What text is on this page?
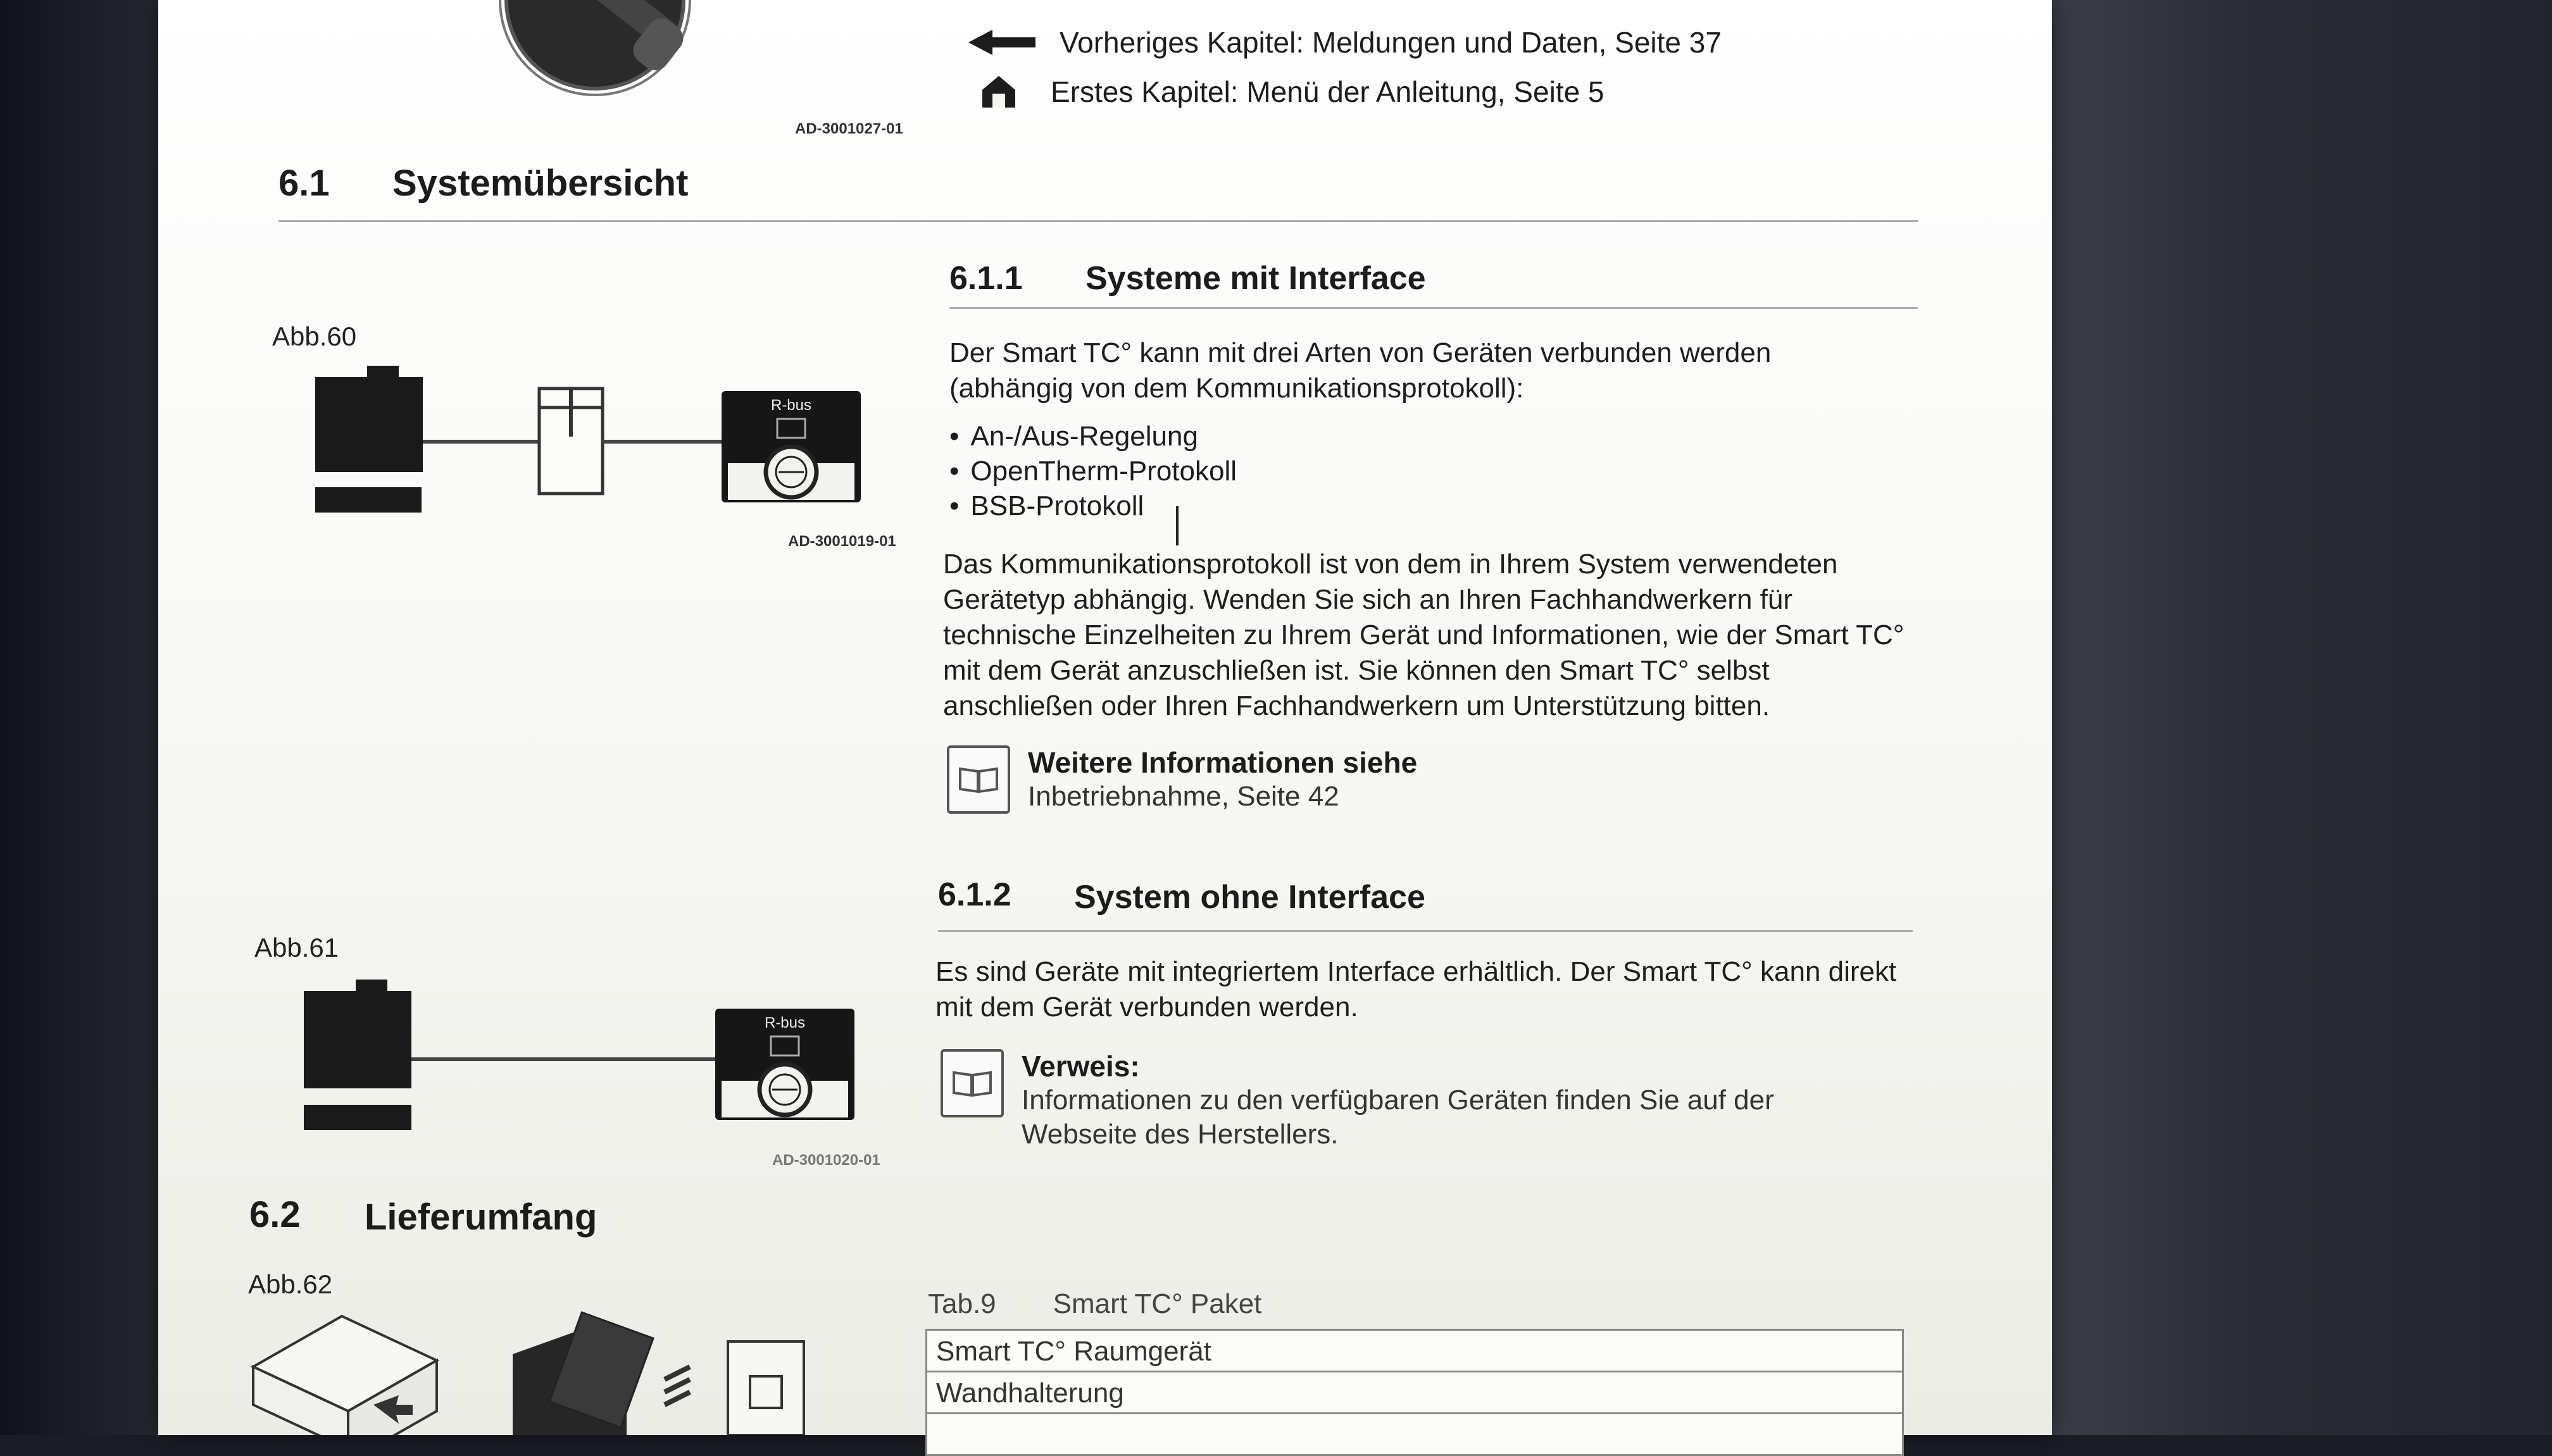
AD-3001027-01
Vorheriges Kapitel: Meldungen und Daten, Seite 37
Erstes Kapitel: Menü der Anleitung, Seite 5
6.1 Systemübersicht
6.1.1 Systeme mit Interface
Der Smart TC° kann mit drei Arten von Geräten verbunden werden (abhängig von dem Kommunikationsprotokoll):
• An-/Aus-Regelung
• OpenTherm-Protokoll
• BSB-Protokoll
Das Kommunikationsprotokoll ist von dem in Ihrem System verwendeten Gerätetyp abhängig. Wenden Sie sich an Ihren Fachhandwerkern für technische Einzelheiten zu Ihrem Gerät und Informationen, wie der Smart TC° mit dem Gerät anzuschließen ist. Sie können den Smart TC° selbst anschließen oder Ihren Fachhandwerkern um Unterstützung bitten.
Weitere Informationen siehe
Inbetriebnahme, Seite 42
Abb.60
R-bus
AD-3001019-01
6.1.2 System ohne Interface
Es sind Geräte mit integriertem Interface erhältlich. Der Smart TC° kann direkt mit dem Gerät verbunden werden.
Verweis:
Informationen zu den verfügbaren Geräten finden Sie auf der Webseite des Herstellers.
Abb.61
R-bus
AD-3001020-01
6.2 Lieferumfang
Abb.62
Tab.9 Smart TC° Paket
Smart TC° Raumgerät
Wandhalterung
